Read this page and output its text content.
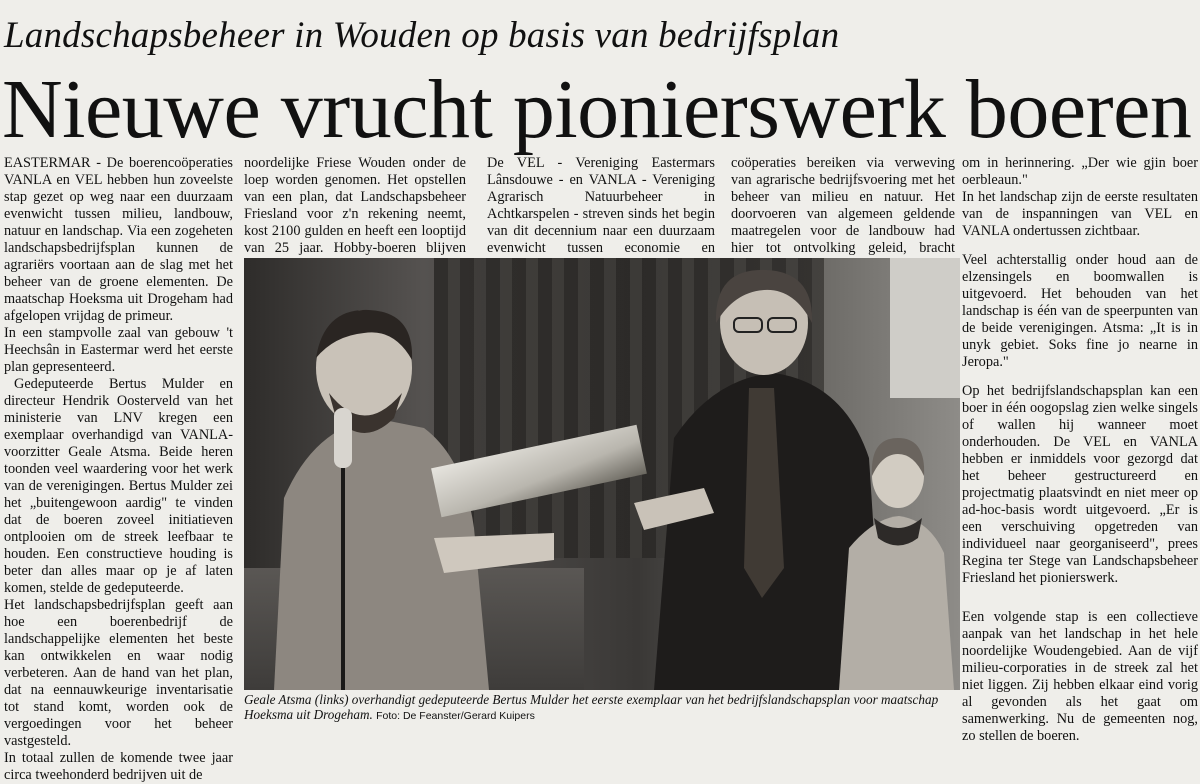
Landschapsbeheer in Wouden op basis van bedrijfsplan
Nieuwe vrucht pionierswerk boeren

EASTERMAR - De boerencoöperaties VANLA en VEL hebben hun zoveelste stap gezet op weg naar een duurzaam evenwicht tussen milieu, landbouw, natuur en landschap. Via een zogeheten landschapsbedrijfsplan kunnen de agrariërs voortaan aan de slag met het beheer van de groene elementen. De maatschap Hoeksma uit Drogeham had afgelopen vrijdag de primeur.

In een stampvolle zaal van gebouw 't Heechsân in Eastermar werd het eerste plan gepresenteerd.

Gedeputeerde Bertus Mulder en directeur Hendrik Oosterveld van het ministerie van LNV kregen een exemplaar overhandigd van VANLA-voorzitter Geale Atsma. Beide heren toonden veel waardering voor het werk van de verenigingen. Bertus Mulder zei het „buitengewoon aardig" te vinden dat de boeren zoveel initiatieven ontplooien om de streek leefbaar te houden. Een constructieve houding is beter dan alles maar op je af laten komen, stelde de gedeputeerde.

Het landschapsbedrijfsplan geeft aan hoe een boerenbedrijf de landschappelijke elementen het beste kan ontwikkelen en waar nodig verbeteren. Aan de hand van het plan, dat na eennauwkeurige inventarisatie tot stand komt, worden ook de vergoedingen voor het beheer vastgesteld.

In totaal zullen de komende twee jaar circa tweehonderd bedrijven uit de

noordelijke Friese Wouden onder de loep worden genomen. Het opstellen van een plan, dat Landschapsbeheer Friesland voor z'n rekening neemt, kost 2100 gulden en heeft een looptijd van 25 jaar. Hobby-boeren blijven

De VEL - Vereniging Eastermars Lânsdouwe - en VANLA - Vereniging Agrarisch Natuurbeheer in Achtkarspelen - streven sinds het begin van dit decennium naar een duurzaam evenwicht tussen economie en

coöperaties bereiken via verweving van agrarische bedrijfsvoering met het beheer van milieu en natuur. Het doorvoeren van algemeen geldende maatregelen voor de landbouw had hier tot ontvolking geleid, bracht

om in herinnering. „Der wie gjin boer oerbleaun."

In het landschap zijn de eerste resultaten van de inspanningen van VEL en VANLA ondertussen zichtbaar.

Veel achterstallig onder houd aan de elzensingels en boomwallen is uitgevoerd. Het behouden van het landschap is één van de speerpunten van de beide verenigingen. Atsma: „It is in unyk gebiet. Soks fine jo nearne in Jeropa."

Op het bedrijfslandschapsplan kan een boer in één oogopslag zien welke singels of wallen hij wanneer moet onderhouden. De VEL en VANLA hebben er inmiddels voor gezorgd dat het beheer gestructureerd en projectmatig plaatsvindt en niet meer op ad-hoc-basis wordt uitgevoerd. „Er is een verschuiving opgetreden van individueel naar georganiseerd", prees Regina ter Stege van Landschapsbeheer Friesland het pionierswerk.

Een volgende stap is een collectieve aanpak van het landschap in het hele noordelijke Woudengebied. Aan de vijf milieu-corporaties in de streek zal het niet liggen. Zij hebben elkaar eind vorig al gevonden als het gaat om samenwerking. Nu de gemeenten nog, zo stellen de boeren.

Geale Atsma (links) overhandigt gedeputeerde Bertus Mulder het eerste exemplaar van het bedrijfslandschapsplan voor maatschap Hoeksma uit Drogeham. Foto: De Feanster/Gerard Kuipers
